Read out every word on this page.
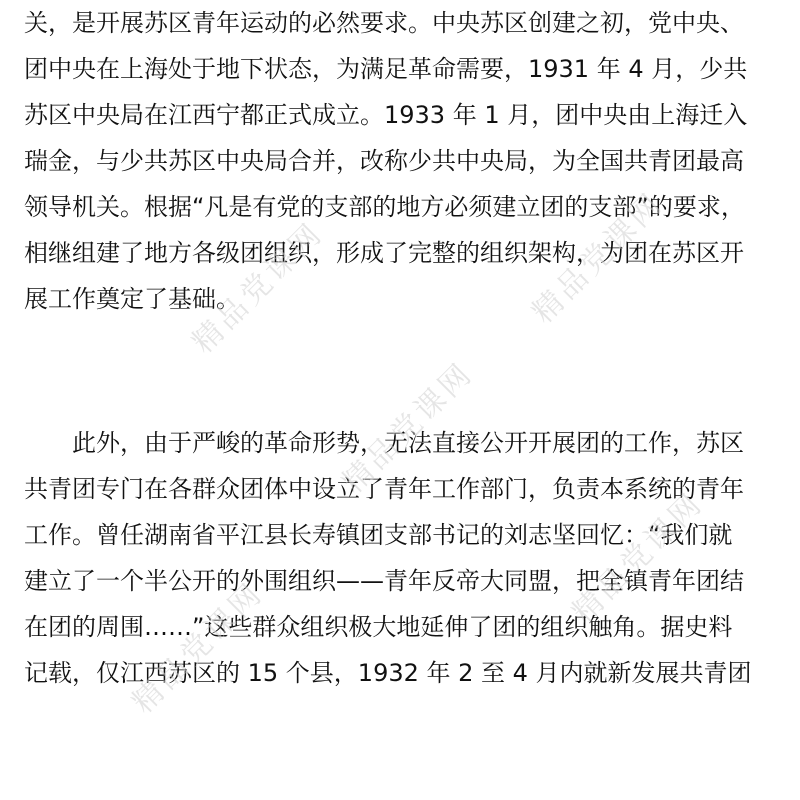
关，是开展苏区青年运动的必然要求。中央苏区创建之初，党中央、
团中央在上海处于地下状态，为满足革命需要，1931 年 4 月，少共
苏区中央局在江西宁都正式成立。1933 年 1 月，团中央由上海迁入
瑞金，与少共苏区中央局合并，改称少共中央局，为全国共青团最高
领导机关。根据“凡是有党的支部的地方必须建立团的支部”的要求，
相继组建了地方各级团组织，形成了完整的组织架构，为团在苏区开
展工作奠定了基础。
此外，由于严峻的革命形势，无法直接公开开展团的工作，苏区
共青团专门在各群众团体中设立了青年工作部门，负责本系统的青年
工作。曾任湖南省平江县长寿镇团支部书记的刘志坚回忆：“我们就
建立了一个半公开的外围组织——青年反帝大同盟，把全镇青年团结
在团的周围……”这些群众组织极大地延伸了团的组织触角。据史料
记载，仅江西苏区的 15 个县，1932 年 2 至 4 月内就新发展共青团
精品党课网	精品党课网
精品党课网
精品党课网
精品党课网
